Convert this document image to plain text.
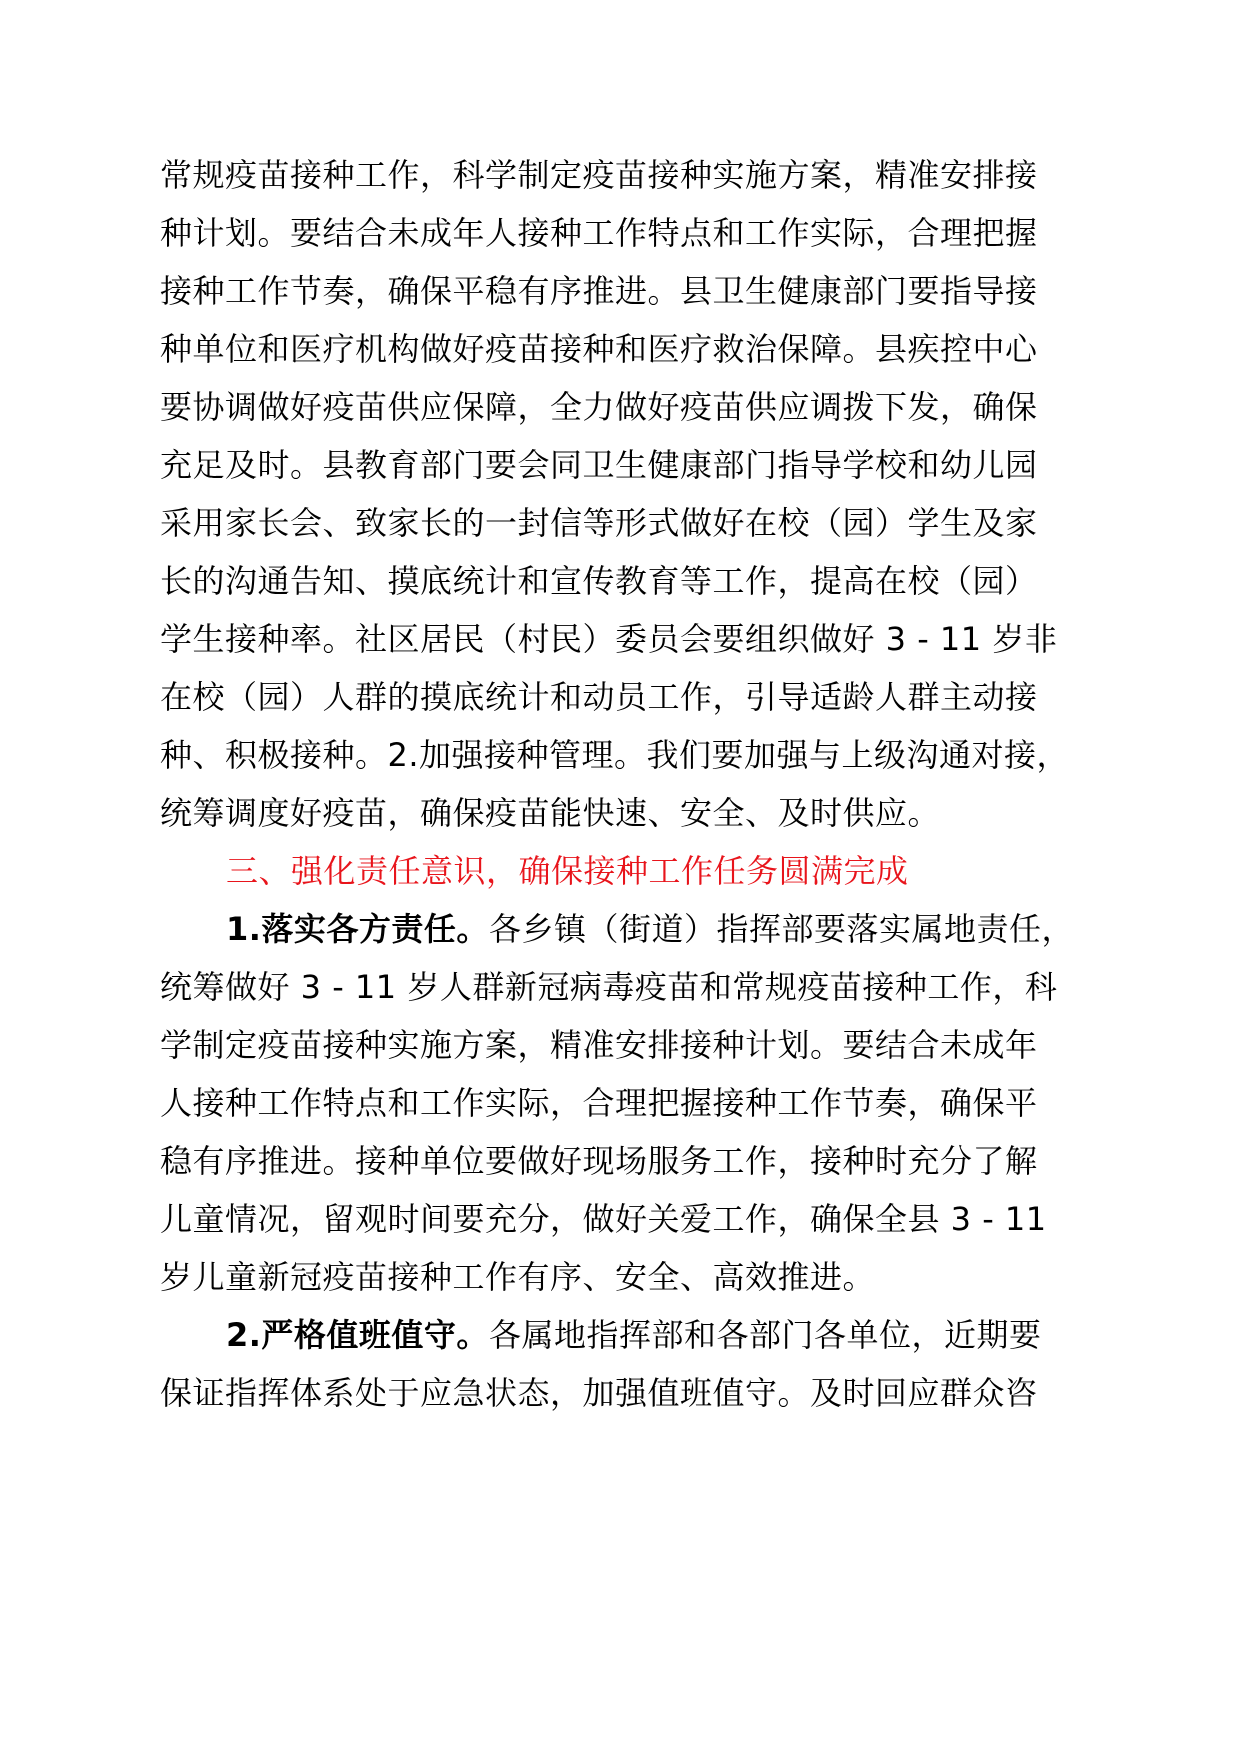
常规疫苗接种工作，科学制定疫苗接种实施方案，精准安排接
种计划。要结合未成年人接种工作特点和工作实际，合理把握
接种工作节奏，确保平稳有序推进。县卫生健康部门要指导接
种单位和医疗机构做好疫苗接种和医疗救治保障。县疾控中心
要协调做好疫苗供应保障，全力做好疫苗供应调拨下发，确保
充足及时。县教育部门要会同卫生健康部门指导学校和幼儿园
采用家长会、致家长的一封信等形式做好在校（园）学生及家
长的沟通告知、摸底统计和宣传教育等工作，提高在校（园）
学生接种率。社区居民（村民）委员会要组织做好 3 - 11 岁非
在校（园）人群的摸底统计和动员工作，引导适龄人群主动接
种、积极接种。2.加强接种管理。我们要加强与上级沟通对接，
统筹调度好疫苗，确保疫苗能快速、安全、及时供应。
三、强化责任意识，确保接种工作任务圆满完成
1.落实各方责任。各乡镇（街道）指挥部要落实属地责任，
统筹做好 3 - 11 岁人群新冠病毒疫苗和常规疫苗接种工作，科
学制定疫苗接种实施方案，精准安排接种计划。要结合未成年
人接种工作特点和工作实际，合理把握接种工作节奏，确保平
稳有序推进。接种单位要做好现场服务工作，接种时充分了解
儿童情况，留观时间要充分，做好关爱工作，确保全县 3 - 11
岁儿童新冠疫苗接种工作有序、安全、高效推进。
2.严格值班值守。各属地指挥部和各部门各单位，近期要
保证指挥体系处于应急状态，加强值班值守。及时回应群众咨
